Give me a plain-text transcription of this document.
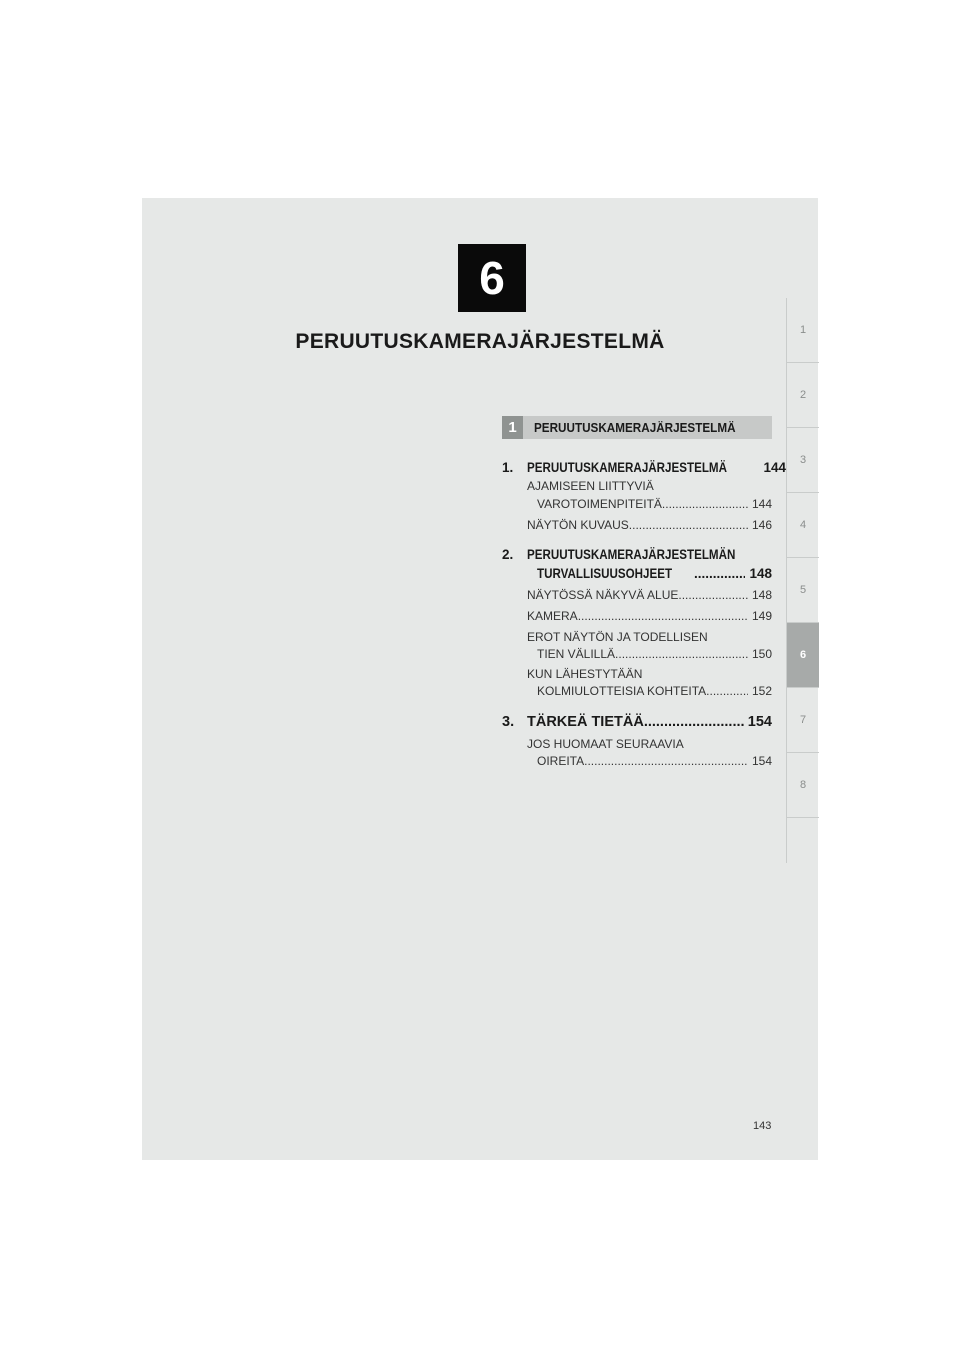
6
PERUUTUSKAMERAJÄRJESTELMÄ	1
2
3
4
5
6
7
8
1	PERUUTUSKAMERAJÄRJESTELMÄ
1. PERUUTUSKAMERAJÄRJESTELMÄ	144
AJAMISEEN LIITTYVIÄ
VAROTOIMENPITEITÄ .....	144
NÄYTÖN KUVAUS .....	146
2. PERUUTUSKAMERAJÄRJESTELMÄN
TURVALLISUUSOHJEET .....	148
NÄYTÖSSÄ NÄKYVÄ ALUE .....	148
KAMERA .....	149
EROT NÄYTÖN JA TODELLISEN
TIEN VÄLILLÄ .....	150
KUN LÄHESTYTÄÄN
KOLMIULOTTEISIA KOHTEITA .....	152
3. TÄRKEÄ TIETÄÄ .....	154
JOS HUOMAAT SEURAAVIA
OIREITA .....	154
143
